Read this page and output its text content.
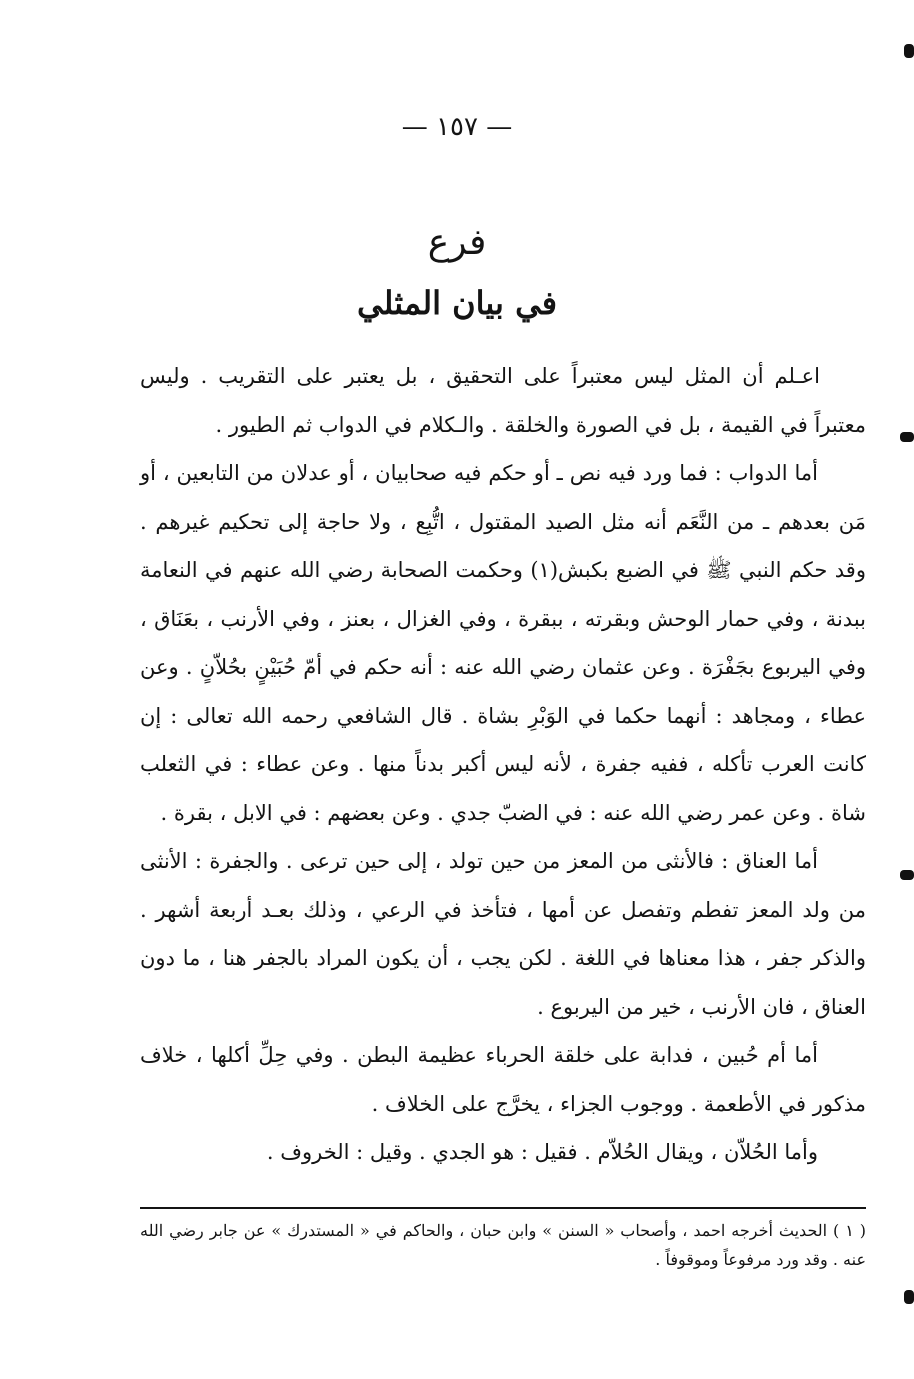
— ١٥٧ —
فرع
في بيان المثلي

اعـلم أن المثل ليس معتبراً على التحقيق ، بل يعتبر على التقريب . وليس معتبراً في القيمة ، بل في الصورة والخلقة . والـكلام في الدواب ثم الطيور .

أما الدواب : فما ورد فيه نص ـ أو حكم فيه صحابيان ، أو عدلان من التابعين ، أو مَن بعدهم ـ من النَّعَم أنه مثل الصيد المقتول ، اتُّبِع ، ولا حاجة إلى تحكيم غيرهم . وقد حكم النبي ﷺ في الضبع بكبش(١) وحكمت الصحابة رضي الله عنهم في النعامة ببدنة ، وفي حمار الوحش وبقرته ، ببقرة ، وفي الغزال ، بعنز ، وفي الأرنب ، بعَنَاق ، وفي اليربوع بجَفْرَة . وعن عثمان رضي الله عنه : أنه حكم في أمّ حُبَيْنٍ بحُلاّنٍ . وعن عطاء ، ومجاهد : أنهما حكما في الوَبْرِ بشاة . قال الشافعي رحمه الله تعالى : إن كانت العرب تأكله ، ففيه جفرة ، لأنه ليس أكبر بدناً منها . وعن عطاء : في الثعلب شاة . وعن عمر رضي الله عنه : في الضبّ جدي . وعن بعضهم : في الابل ، بقرة .

أما العناق : فالأنثى من المعز من حين تولد ، إلى حين ترعى . والجفرة : الأنثى من ولد المعز تفطم وتفصل عن أمها ، فتأخذ في الرعي ، وذلك بعـد أربعة أشهر . والذكر جفر ، هذا معناها في اللغة . لكن يجب ، أن يكون المراد بالجفر هنا ، ما دون العناق ، فان الأرنب ، خير من اليربوع .

أما أم حُبين ، فدابة على خلقة الحرباء عظيمة البطن . وفي حِلِّ أكلها ، خلاف مذكور في الأطعمة . ووجوب الجزاء ، يخرَّج على الخلاف .

وأما الحُلاّن ، ويقال الحُلاّم . فقيل : هو الجدي . وقيل : الخروف .

( ١ ) الحديث أخرجه احمد ، وأصحاب « السنن » وابن حبان ، والحاكم في « المستدرك » عن جابر رضي الله عنه . وقد ورد مرفوعاً وموقوفاً .
